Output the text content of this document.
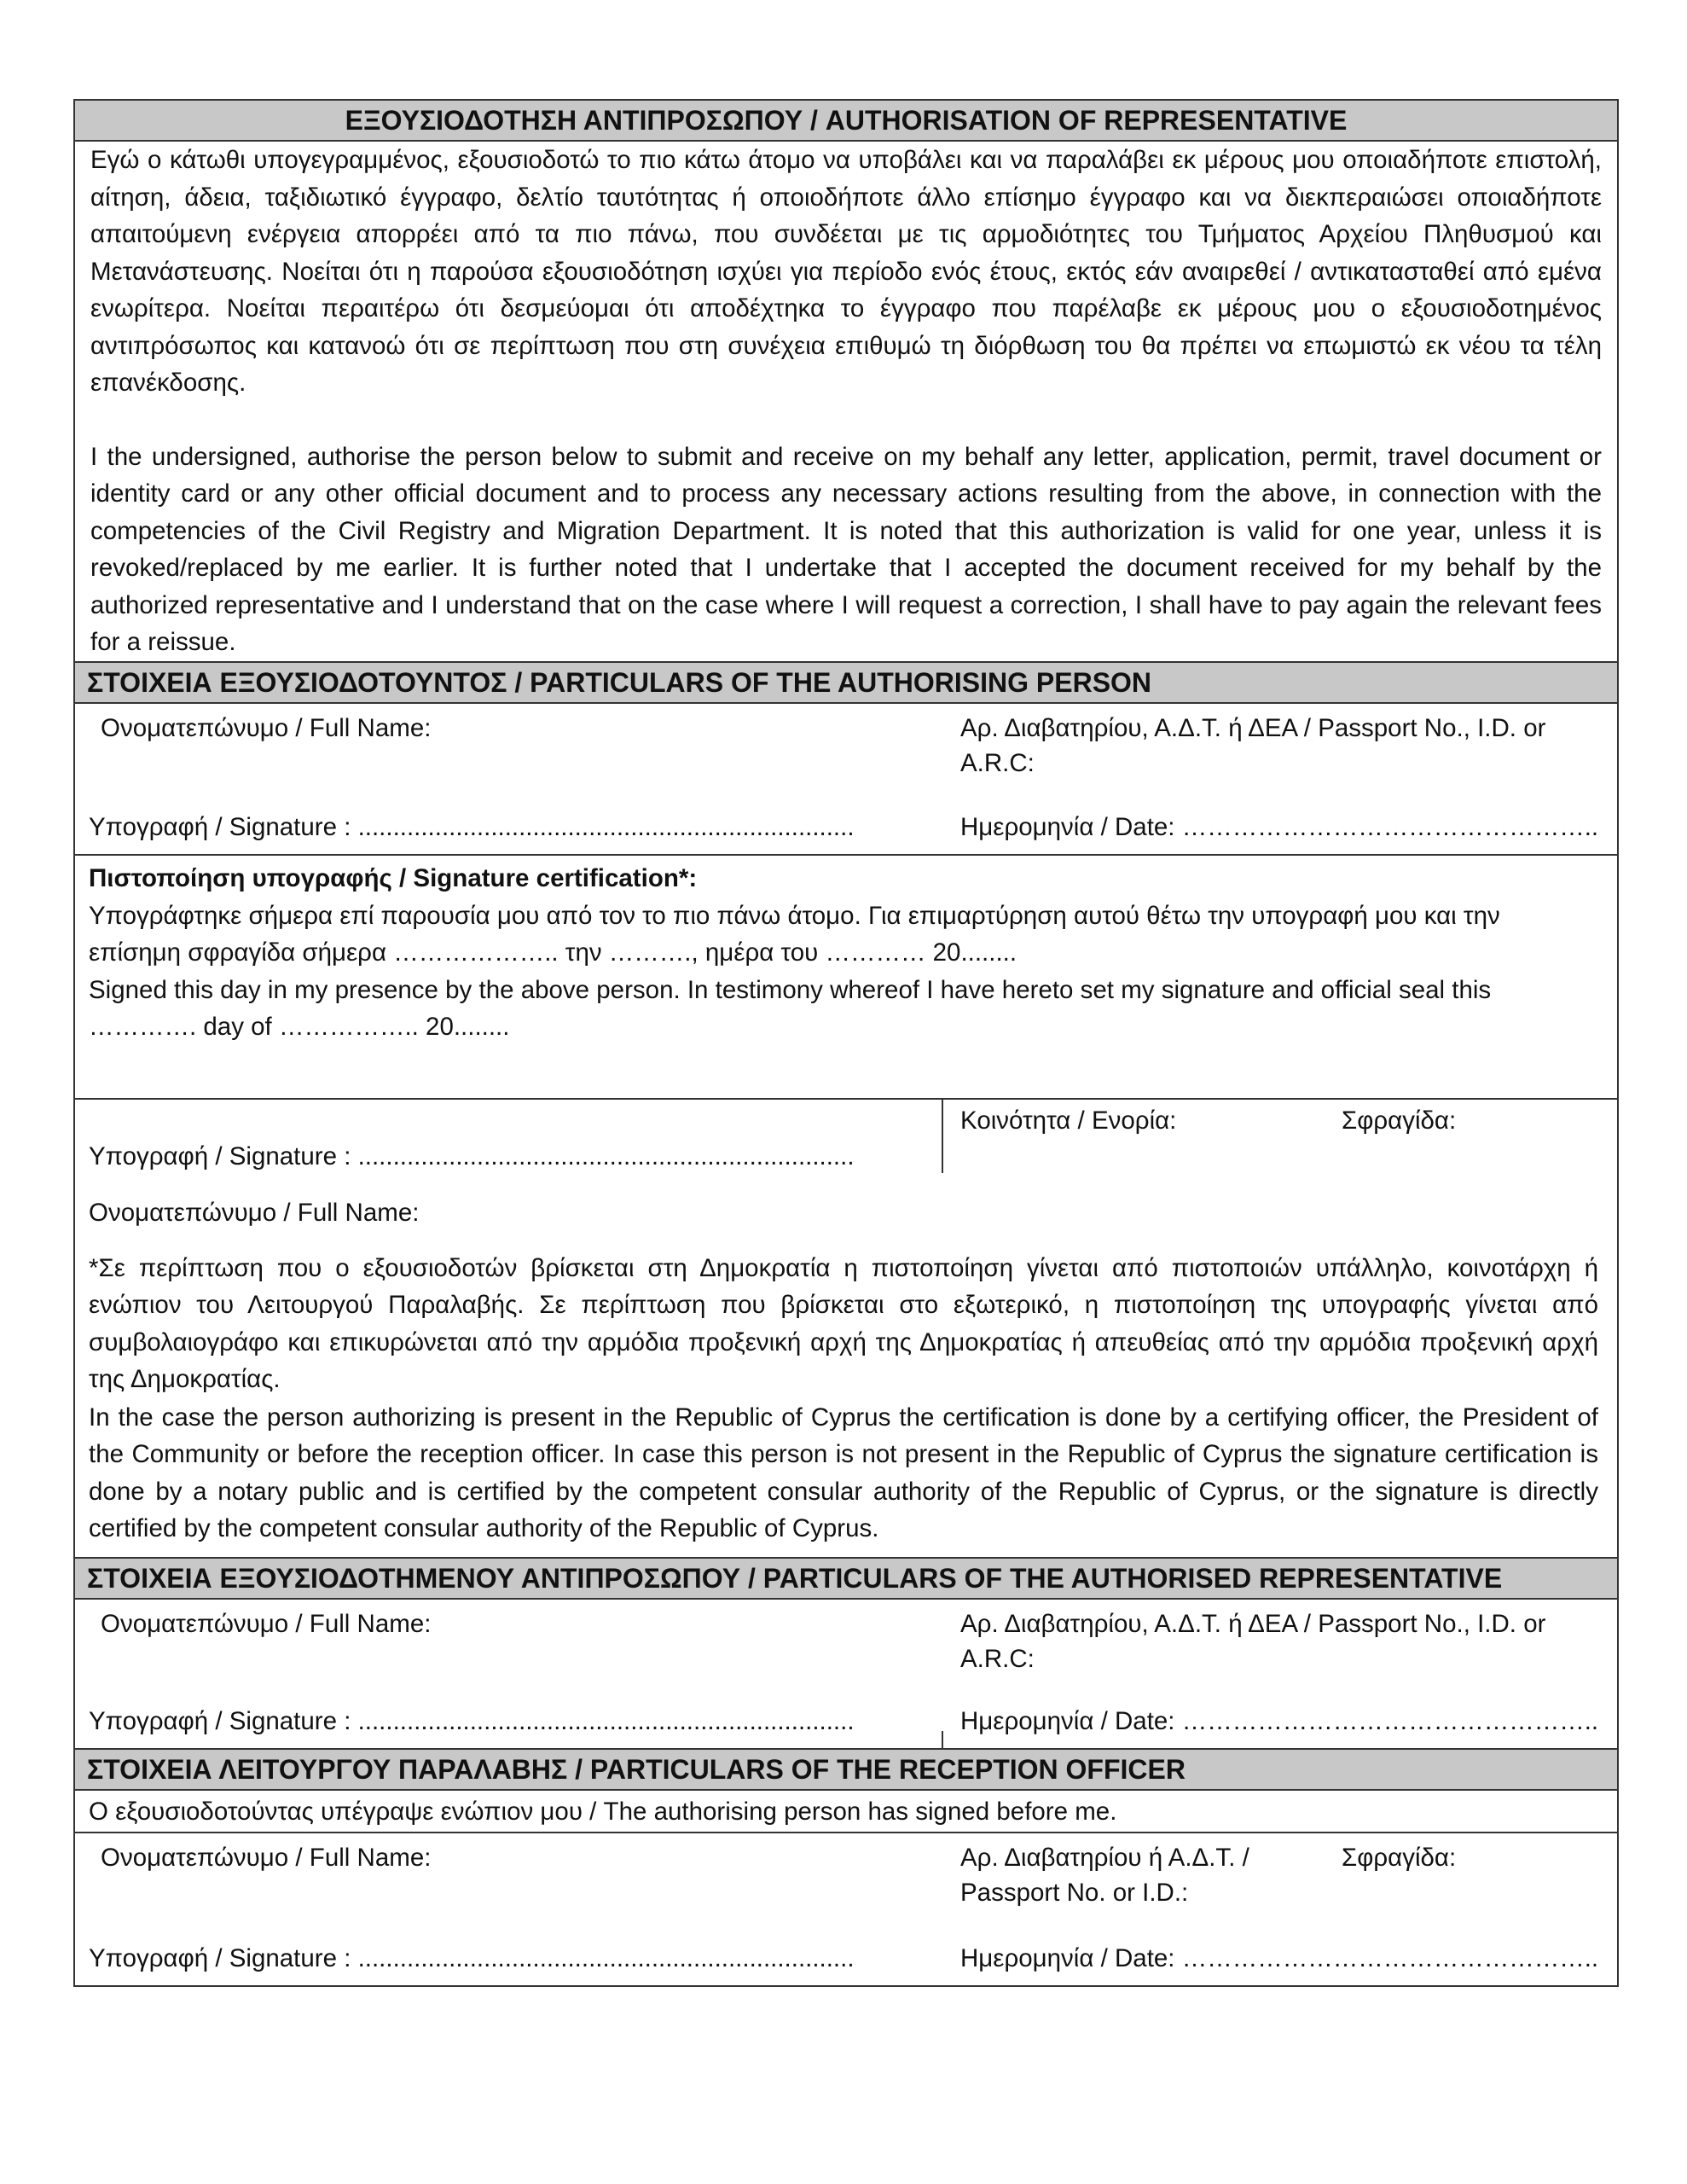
ΕΞΟΥΣΙΟΔΟΤΗΣΗ ΑΝΤΙΠΡΟΣΩΠΟΥ / AUTHORISATION OF REPRESENTATIVE
Εγώ ο κάτωθι υπογεγραμμένος, εξουσιοδοτώ το πιο κάτω άτομο να υποβάλει και να παραλάβει εκ μέρους μου οποιαδήποτε επιστολή, αίτηση, άδεια, ταξιδιωτικό έγγραφο, δελτίο ταυτότητας ή οποιοδήποτε άλλο επίσημο έγγραφο και να διεκπεραιώσει οποιαδήποτε απαιτούμενη ενέργεια απορρέει από τα πιο πάνω, που συνδέεται με τις αρμοδιότητες του Τμήματος Αρχείου Πληθυσμού και Μετανάστευσης. Νοείται ότι η παρούσα εξουσιοδότηση ισχύει για περίοδο ενός έτους, εκτός εάν αναιρεθεί / αντικατασταθεί από εμένα ενωρίτερα. Νοείται περαιτέρω ότι δεσμεύομαι ότι αποδέχτηκα το έγγραφο που παρέλαβε εκ μέρους μου ο εξουσιοδοτημένος αντιπρόσωπος και κατανοώ ότι σε περίπτωση που στη συνέχεια επιθυμώ τη διόρθωση του θα πρέπει να επωμιστώ εκ νέου τα τέλη επανέκδοσης.
I the undersigned, authorise the person below to submit and receive on my behalf any letter, application, permit, travel document or identity card or any other official document and to process any necessary actions resulting from the above, in connection with the competencies of the Civil Registry and Migration Department. It is noted that this authorization is valid for one year, unless it is revoked/replaced by me earlier. It is further noted that I undertake that I accepted the document received for my behalf by the authorized representative and I understand that on the case where I will request a correction, I shall have to pay again the relevant fees for a reissue.
ΣΤΟΙΧΕΙΑ ΕΞΟΥΣΙΟΔΟΤΟΥΝΤΟΣ / PARTICULARS OF THE AUTHORISING PERSON
Ονοματεπώνυμο / Full Name:	Αρ. Διαβατηρίου, Α.Δ.Τ. ή ΔΕΑ / Passport No., I.D. or A.R.C:
Υπογραφή / Signature : .......................................................................	Ημερομηνία / Date: …………………………………………..
Πιστοποίηση υπογραφής / Signature certification*:
Υπογράφτηκε σήμερα επί παρουσία μου από τον το πιο πάνω άτομο. Για επιμαρτύρηση αυτού θέτω την υπογραφή μου και την επίσημη σφραγίδα σήμερα ……………….. την ………., ημέρα του ………… 20........
Signed this day in my presence by the above person. In testimony whereof I have hereto set my signature and official seal this …………. day of …………….. 20........
Κοινότητα / Ενορία:	Σφραγίδα:
Υπογραφή / Signature : .......................................................................
Ονοματεπώνυμο / Full Name:
*Σε περίπτωση που ο εξουσιοδοτών βρίσκεται στη Δημοκρατία η πιστοποίηση γίνεται από πιστοποιών υπάλληλο, κοινοτάρχη ή ενώπιον του Λειτουργού Παραλαβής. Σε περίπτωση που βρίσκεται στο εξωτερικό, η πιστοποίηση της υπογραφής γίνεται από συμβολαιογράφο και επικυρώνεται από την αρμόδια προξενική αρχή της Δημοκρατίας ή απευθείας από την αρμόδια προξενική αρχή της Δημοκρατίας.
In the case the person authorizing is present in the Republic of Cyprus the certification is done by a certifying officer, the President of the Community or before the reception officer. In case this person is not present in the Republic of Cyprus the signature certification is done by a notary public and is certified by the competent consular authority of the Republic of Cyprus, or the signature is directly certified by the competent consular authority of the Republic of Cyprus.
ΣΤΟΙΧΕΙΑ ΕΞΟΥΣΙΟΔΟΤΗΜΕΝΟΥ ΑΝΤΙΠΡΟΣΩΠΟΥ / PARTICULARS OF THE AUTHORISED REPRESENTATIVE
Ονοματεπώνυμο / Full Name:	Αρ. Διαβατηρίου, Α.Δ.Τ. ή ΔΕΑ / Passport No., I.D. or A.R.C:
Υπογραφή / Signature : .......................................................................	Ημερομηνία / Date: …………………………………………..
ΣΤΟΙΧΕΙΑ ΛΕΙΤΟΥΡΓΟΥ ΠΑΡΑΛΑΒΗΣ / PARTICULARS OF THE RECEPTION OFFICER
Ο εξουσιοδοτούντας υπέγραψε ενώπιον μου / The authorising person has signed before me.
Ονοματεπώνυμο / Full Name:	Αρ. Διαβατηρίου ή Α.Δ.Τ. / Passport No. or I.D.:
Σφραγίδα:
Υπογραφή / Signature : .......................................................................	Ημερομηνία / Date: …………………………………………..
